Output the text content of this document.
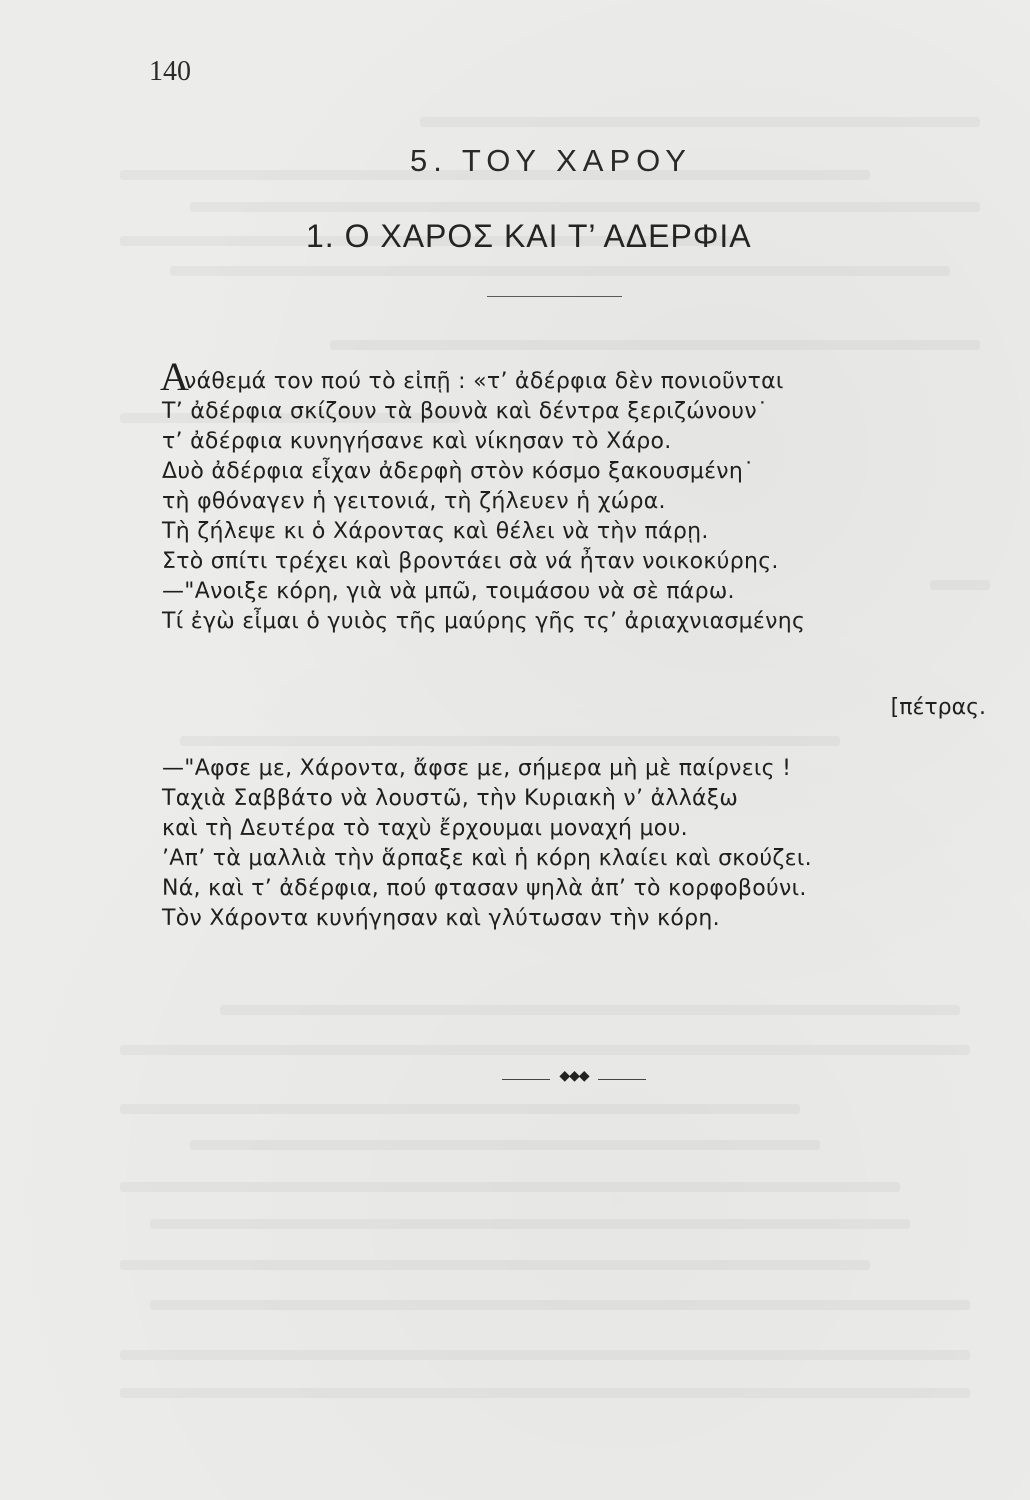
140
5. ΤΟΥ ΧΑΡΟΥ
1. Ο ΧΑΡΟΣ ΚΑΙ Τ’ ΑΔΕΡΦΙΑ
Α
νάθεμά τον πού τὸ εἰπῇ : «τ’ ἀδέρφια δὲν πονιοῦνται
Τ’ ἀδέρφια σκίζουν τὰ βουνὰ καὶ δέντρα ξεριζώνουν˙
τ’ ἀδέρφια κυνηγήσανε καὶ νίκησαν τὸ Χάρο.
Δυὸ ἀδέρφια εἶχαν ἀδερφὴ στὸν κόσμο ξακουσμένη˙
τὴ φθόναγεν ἡ γειτονιά, τὴ ζήλευεν ἡ χώρα.
Τὴ ζήλεψε κι ὁ Χάροντας καὶ θέλει νὰ τὴν πάρῃ.
Στὸ σπίτι τρέχει καὶ βροντάει σὰ νά ἦταν νοικοκύρης.
—"Ανοιξε κόρη, γιὰ νὰ μπῶ, τοιμάσου νὰ σὲ πάρω.
Τί ἐγὼ εἶμαι ὁ γυιὸς τῆς μαύρης γῆς τς’ ἀριαχνιασμένης
[πέτρας.
—"Αφσε με, Χάροντα, ἄφσε με, σήμερα μὴ μὲ παίρνεις !
Ταχιὰ Σαββάτο νὰ λουστῶ, τὴν Κυριακὴ ν’ ἀλλάξω
καὶ τὴ Δευτέρα τὸ ταχὺ ἔρχουμαι μοναχή μου.
’Απ’ τὰ μαλλιὰ τὴν ἅρπαξε καὶ ἡ κόρη κλαίει καὶ σκούζει.
Νά, καὶ τ’ ἀδέρφια, πού φτασαν ψηλὰ ἀπ’ τὸ κορφοβούνι.
Τὸν Χάροντα κυνήγησαν καὶ γλύτωσαν τὴν κόρη.
◆◆◆
